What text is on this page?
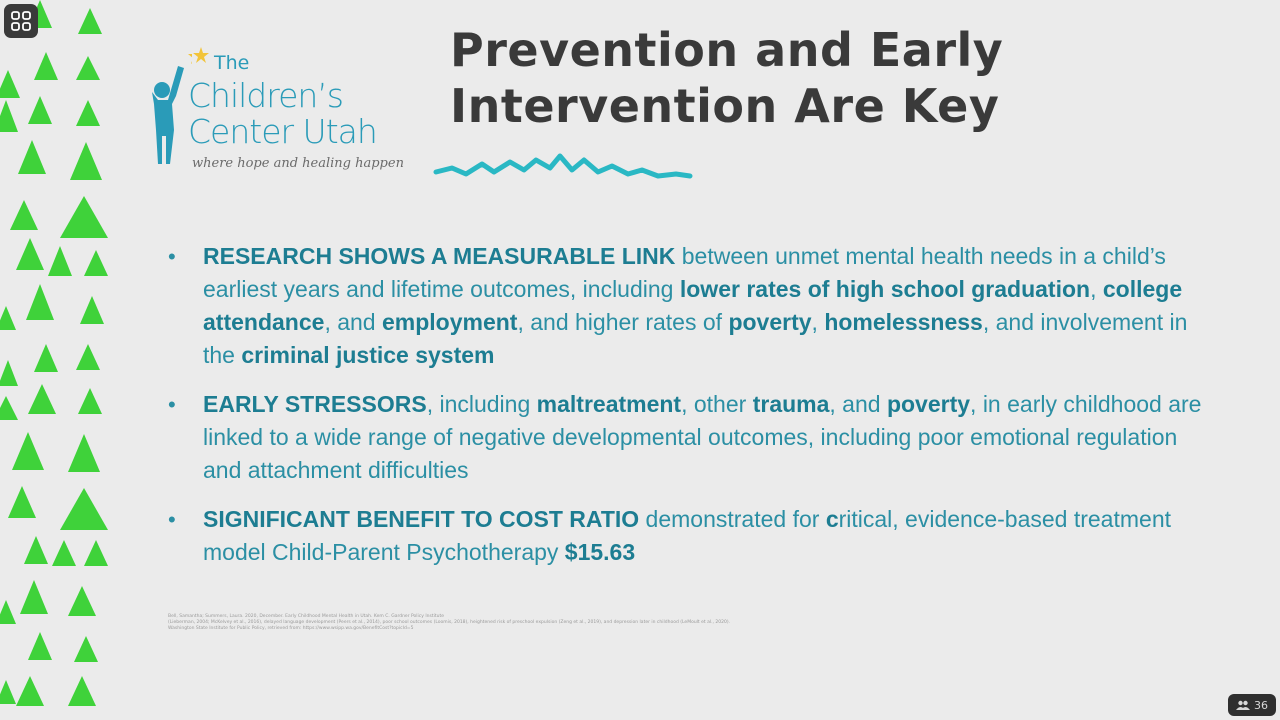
The
Children’s
Center Utah
where hope and healing happen
Prevention and Early
Intervention Are Key
• RESEARCH SHOWS A MEASURABLE LINK between unmet mental health needs in a child’s earliest years and lifetime outcomes, including lower rates of high school graduation, college attendance, and employment, and higher rates of poverty, homelessness, and involvement in the criminal justice system
• EARLY STRESSORS, including maltreatment, other trauma, and poverty, in early childhood are linked to a wide range of negative developmental outcomes, including poor emotional regulation and attachment difficulties
• SIGNIFICANT BENEFIT TO COST RATIO demonstrated for critical, evidence-based treatment model Child-Parent Psychotherapy $15.63
Bell, Samantha; Summers, Laura. 2020, December. Early Childhood Mental Health in Utah. Kem C. Gardner Policy Institute
(Lieberman, 2004; McKelvey et al., 2016), delayed language development (Peers et al., 2014), poor school outcomes (Loomis, 2018), heightened risk of preschool expulsion (Zeng et al., 2019), and depression later in childhood (LeMoult et al., 2020).
Washington State Institute for Public Policy, retrieved from: https://www.wsipp.wa.gov/BenefitCost?topicId=5
36
